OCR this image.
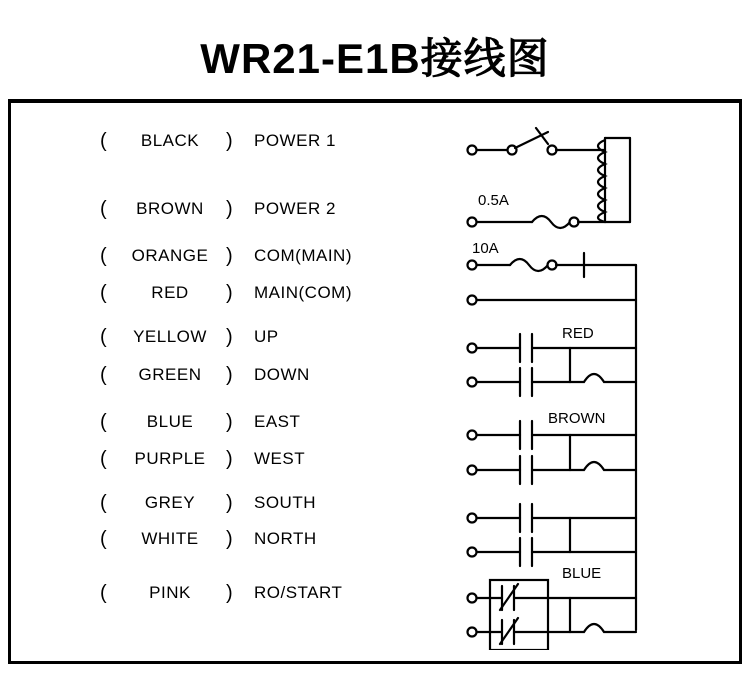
WR21-E1B接线图
(	BLACK	)	POWER 1
(	BROWN	)	POWER 2
(	ORANGE )	COM(MAIN)
(	RED	)	MAIN(COM)
(	YELLOW )	UP
(	GREEN	)	DOWN
(	BLUE	)	EAST
(	PURPLE	)	WEST
(	GREY	)	SOUTH
(	WHITE	)	NORTH
(	PINK	)	RO/START
0.5A
10A
RED
BROWN
BLUE
